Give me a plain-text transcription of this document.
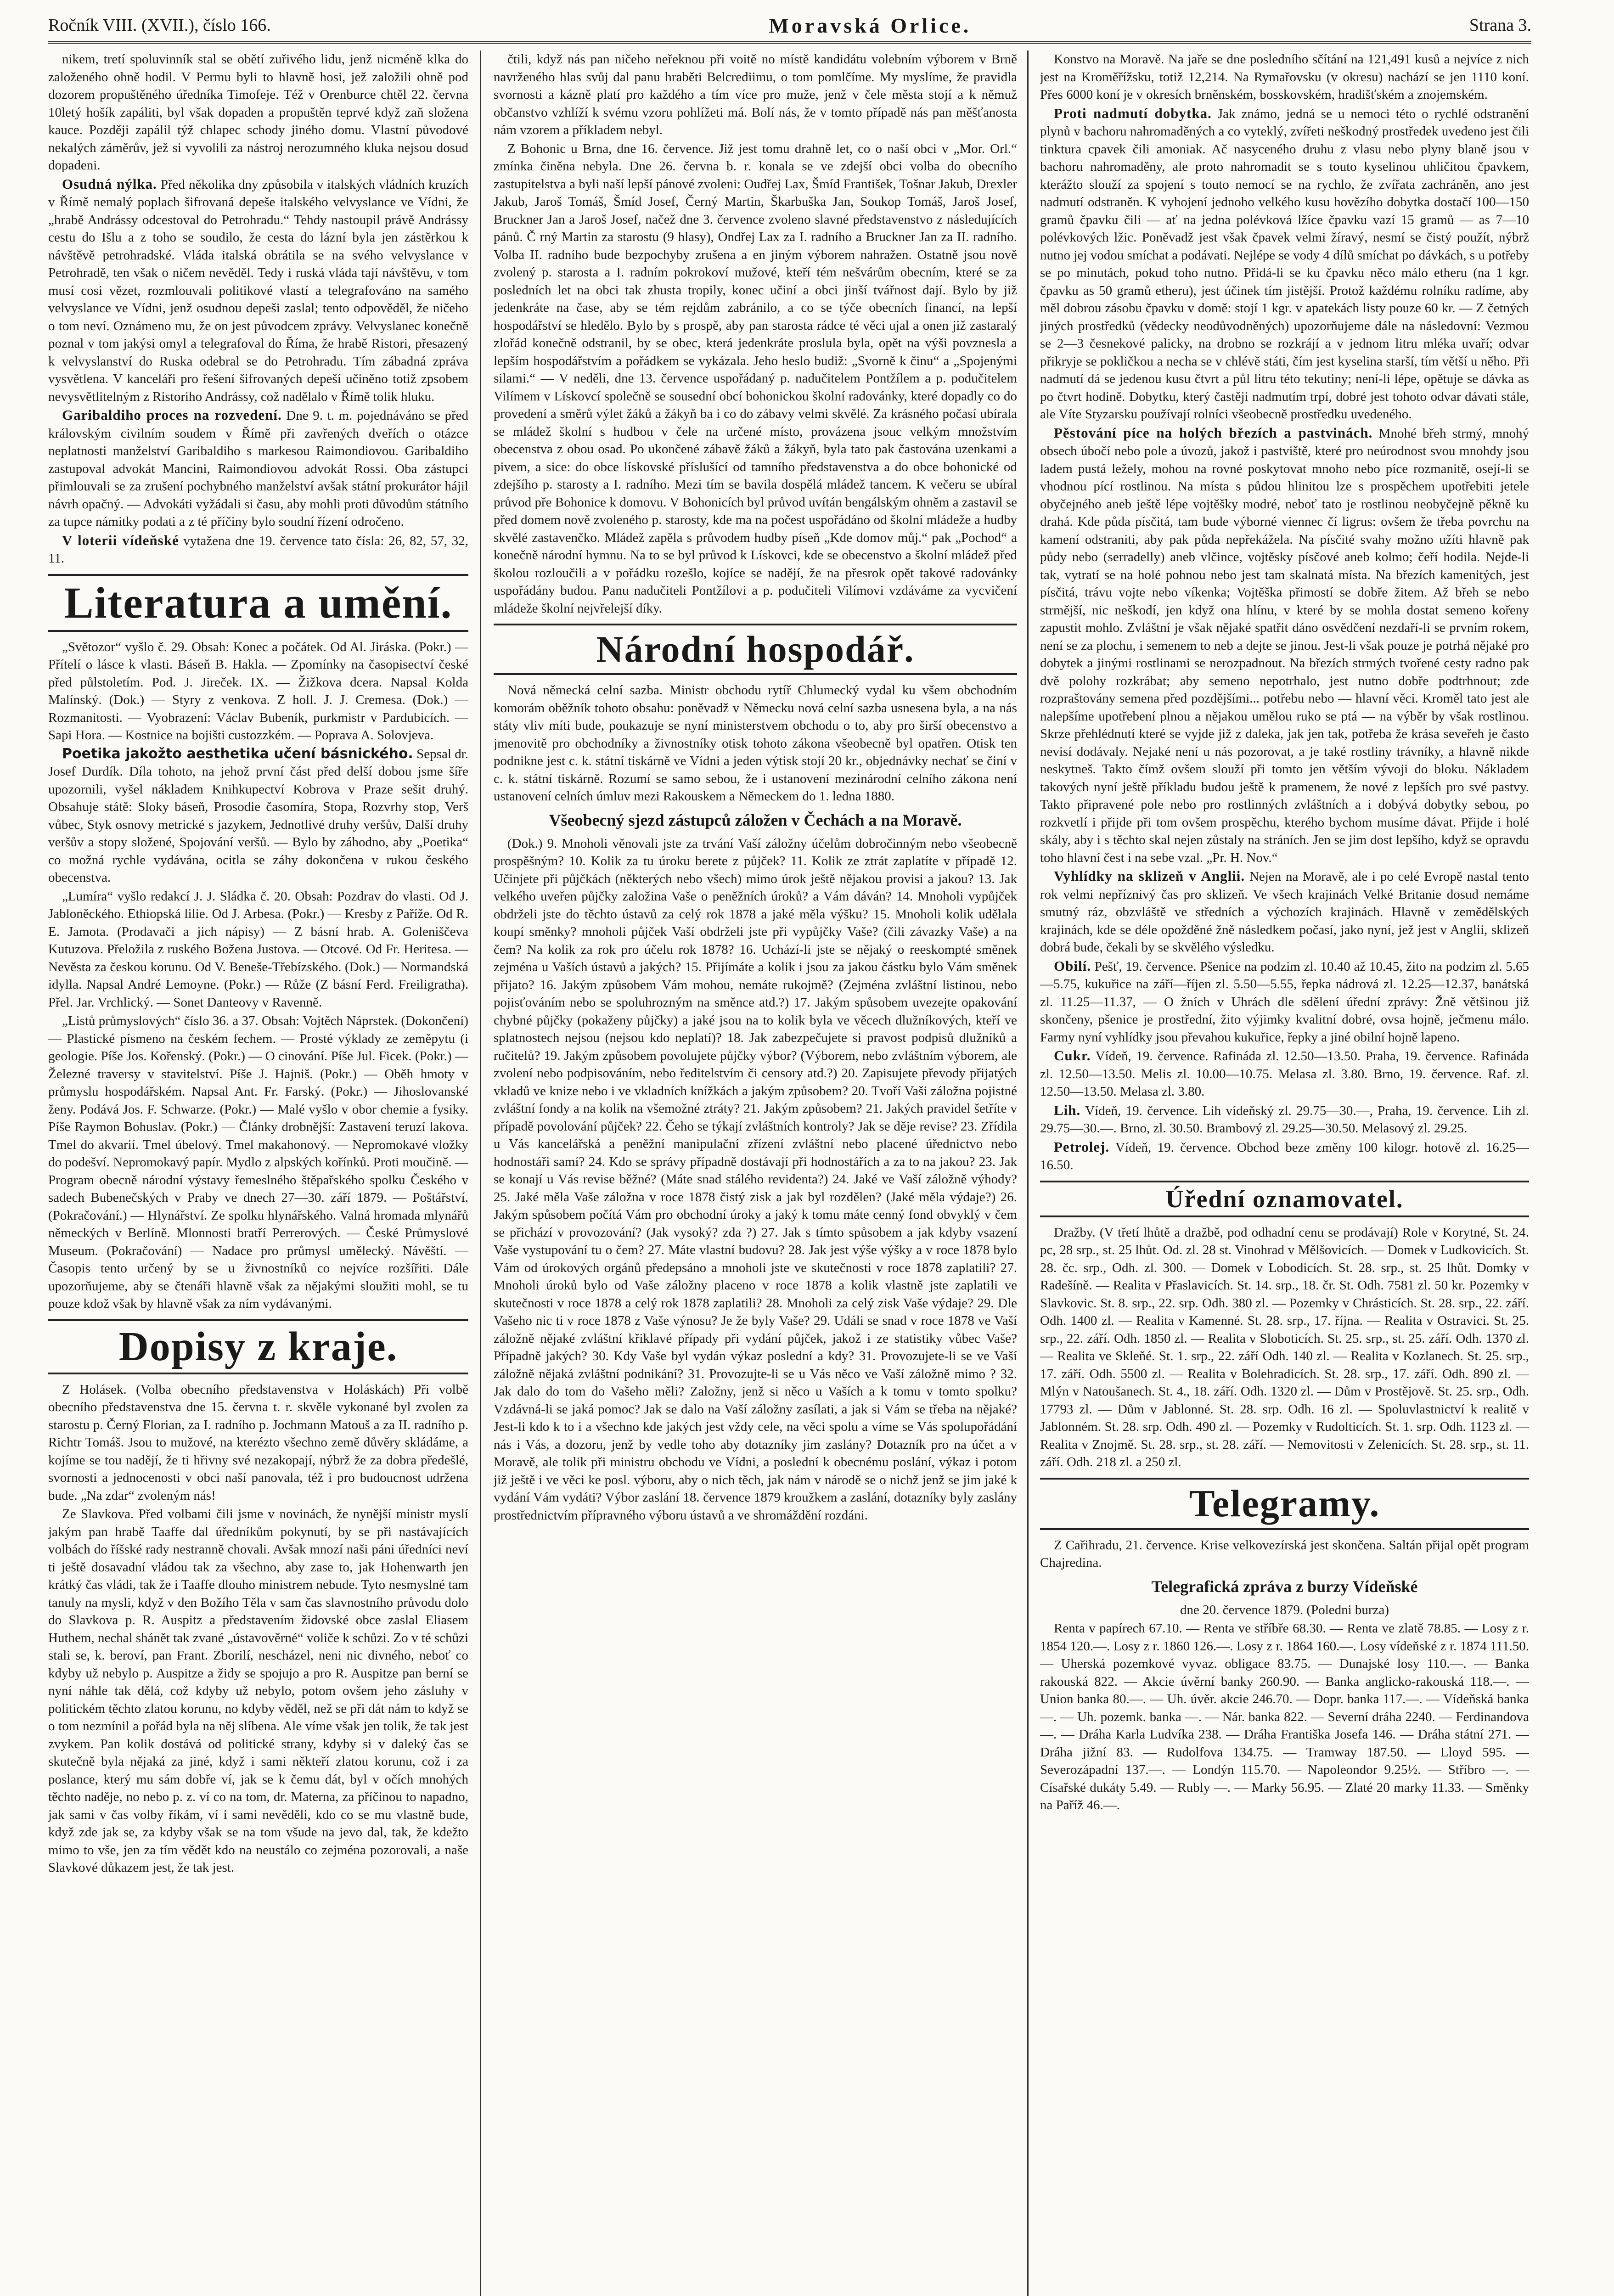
Ročník VIII. (XVII.), číslo 166.	Moravská Orlice.	Strana 3.

nikem, tretí spoluvinník stal se obětí zuřivého lidu, jenž nicméně klka do založeného ohně hodil. V Permu byli to hlavně hosi, jež založili ohně pod dozorem propuštěného úředníka Timofeje. Též v Orenburce chtěl 22. června 10letý hošík zapáliti, byl však dopaden a propuštěn teprvé když zaň složena kauce. Později zapálil týž chlapec schody jiného domu. Vlastní původové nekalých záměrův, jež si vyvolili za nástroj nerozumného kluka nejsou dosud dopadeni.

Osudná nýlka. Před několika dny způsobila v italských vládních kruzích v Římě nemalý poplach šifrovaná depeše italského velvyslance ve Vídni, že „hrabě Andrássy odcestoval do Petrohradu.“ Tehdy nastoupil právě Andrássy cestu do Išlu a z toho se soudilo, že cesta do lázní byla jen zástěrkou k návštěvě petrohradské. Vláda italská obrátila se na svého velvyslance v Petrohradě, ten však o ničem nevěděl. Tedy i ruská vláda tají návštěvu, v tom musí cosi vězet, rozmlouvali politikové vlastí a telegrafováno na samého velvyslance ve Vídni, jenž osudnou depeši zaslal; tento odpověděl, že ničeho o tom neví. Oznámeno mu, že on jest původcem zprávy. Velvyslanec konečně poznal v tom jakýsi omyl a telegrafoval do Říma, že hrabě Ristori, přesazený k velvyslanství do Ruska odebral se do Petrohradu. Tím zábadná zpráva vysvětlena. V kanceláři pro řešení šifrovaných depeší učiněno totiž zpsobem nevysvětlitelným z Ristoriho Andrássy, což nadělalo v Římě tolik hluku.

Garibaldiho proces na rozvedení. Dne 9. t. m. pojednáváno se před královským civilním soudem v Římě při zavřených dveřích o otázce neplatnosti manželství Garibaldiho s markesou Raimondiovou. Garibaldiho zastupoval advokát Mancini, Raimondiovou advokát Rossi. Oba zástupci přimlouvali se za zrušení pochybného manželství avšak státní prokurátor hájil návrh opačný. — Advokáti vyžádali si času, aby mohli proti důvodům státního za tupce námitky podati a z té příčiny bylo soudní řízení odročeno.

V loterii vídeňské vytažena dne 19. července tato čísla: 26, 82, 57, 32, 11.

Literatura a umění.

„Světozor“ vyšlo č. 29. Obsah: Konec a počátek. Od Al. Jiráska. (Pokr.) — Přítelí o lásce k vlasti. Báseň B. Hakla. — Zpomínky na časopisectví české před půlstoletím. Pod. J. Jireček. IX. — Žižkova dcera. Napsal Kolda Malínský. (Dok.) — Styry z venkova. Z holl. J. J. Cremesa. (Dok.) — Rozmanitosti. — Vyobrazení: Václav Bubeník, purkmistr v Pardubicích. — Sapi Hora. — Kostnice na bojišti custozzkém. — Poprava A. Solovjeva.

Poetika jakožto aesthetika učení básnického. Sepsal dr. Josef Durdík. Díla tohoto, na jehož první část před delší dobou jsme šíře upozornili, vyšel nákladem Knihkupectví Kobrova v Praze sešit druhý. Obsahuje státě: Sloky báseň, Prosodie časomíra, Stopa, Rozvrhy stop, Verš vůbec, Styk osnovy metrické s jazykem, Jednotlivé druhy veršův, Další druhy veršův a stopy složené, Spojování veršů. — Bylo by záhodno, aby „Poetika“ co možná rychle vydávána, ocitla se záhy dokončena v rukou českého obecenstva.

„Lumíra“ vyšlo redakcí J. J. Sládka č. 20. Obsah: Pozdrav do vlasti. Od J. Jabloněckého. Ethiopská lilie. Od J. Arbesa. (Pokr.) — Kresby z Paříže. Od R. E. Jamota. (Prodavači a jich nápisy) — Z básní hrab. A. Goleniščeva Kutuzova. Přeložila z ruského Božena Justova. — Otcové. Od Fr. Heritesa. — Nevěsta za českou korunu. Od V. Beneše-Třebízského. (Dok.) — Normandská idylla. Napsal André Lemoyne. (Pokr.) — Růže (Z básní Ferd. Freiligratha). Přel. Jar. Vrchlický. — Sonet Danteovy v Ravenně.

„Listů průmyslových“ číslo 36. a 37. Obsah: Vojtěch Náprstek. (Dokončení) — Plastické písmeno na českém fechem. — Prosté výklady ze zeměpytu (i geologie. Píše Jos. Kořenský. (Pokr.) — O cinování. Píše Jul. Ficek. (Pokr.) — Železné traversy v stavitelství. Píše J. Hajniš. (Pokr.) — Oběh hmoty v průmyslu hospodářském. Napsal Ant. Fr. Farský. (Pokr.) — Jihoslovanské ženy. Podává Jos. F. Schwarze. (Pokr.) — Malé vyšlo v obor chemie a fysiky. Píše Raymon Bohuslav. (Pokr.) — Články drobnější: Zastavení teruzí lakova. Tmel do akvarií. Tmel úbelový. Tmel makahonový. — Nepromokavé vložky do podešví. Nepromokavý papír. Mydlo z alpských kořínků. Proti moučině. — Program obecně národní výstavy řemeslného štěpařského spolku Českého v sadech Bubenečských v Praby ve dnech 27—30. září 1879. — Poštářství. (Pokračování.) — Hlynářství. Ze spolku hlynářského. Valná hromada mlynářů německých v Berlíně. Mlonnosti bratří Perrerových. — České Průmyslové Museum. (Pokračování) — Nadace pro průmysl umělecký. Návěští. — Časopis tento určený by se u živnostníků co nejvíce rozšířiti. Dále upozorňujeme, aby se čtenáři hlavně však za nějakými sloužiti mohl, se tu pouze kdož však by hlavně však za ním vydávanými.

Dopisy z kraje.

Z Holásek. (Volba obecního představenstva v Holáskách) Při volbě obecního představenstva dne 15. června t. r. skvěle vykonané byl zvolen za starostu p. Černý Florian, za I. radního p. Jochmann Matouš a za II. radního p. Richtr Tomáš. Jsou to mužové, na kterézto všechno země důvěry skládáme, a kojíme se tou nadějí, že ti hřivny své nezakopají, nýbrž že za dobra předešlé, svornosti a jednocenosti v obci naší panovala, též i pro budoucnost udržena bude. „Na zdar“ zvoleným nás!

Ze Slavkova. Před volbami čili jsme v novinách, že nynější ministr myslí jakým pan hrabě Taaffe dal úředníkům pokynutí, by se při nastávajících volbách do říšské rady nestranně chovali. Avšak mnozí naši páni úředníci neví ti ještě dosavadní vládou tak za všechno, aby zase to, jak Hohenwarth jen krátký čas vládi, tak že i Taaffe dlouho ministrem nebude. Tyto nesmyslné tam tanuly na mysli, když v den Božího Těla v sam čas slavnostního průvodu dolo do Slavkova p. R. Auspitz a představením židovské obce zaslal Eliasem Huthem, nechal shánět tak zvané „ústavověrné“ voliče k schůzi. Zo v té schůzi stali se, k. beroví, pan Frant. Zborilí, nescházel, neni nic divného, neboť co kdyby už nebylo p. Auspitze a židy se spojujo a pro R. Auspitze pan berní se nyní náhle tak dělá, což kdyby už nebylo, potom ovšem jeho zásluhy v politickém těchto zlatou korunu, no kdyby věděl, než se při dát nám to když se o tom nezmínil a pořád byla na něj slíbena. Ale víme však jen tolik, že tak jest zvykem. Pan kolik dostává od politické strany, kdyby si v daleký čas se skutečně byla nějaká za jiné, když i sami někteří zlatou korunu, což i za poslance, který mu sám dobře ví, jak se k čemu dát, byl v očích mnohých těchto naděje, no nebo p. z. ví co na tom, dr. Materna, za příčinou to napadno, jak sami v čas volby říkám, ví i sami nevěděli, kdo co se mu vlastně bude, když zde jak se, za kdyby však se na tom všude na jevo dal, tak, že kdežto mimo to vše, jen za tím vědět kdo na neustálo co zejména pozorovali, a naše Slavkové důkazem jest, že tak jest.

čtili, když nás pan ničeho neřeknou při voitě no místě kandidátu volebním výborem v Brně navrženého hlas svůj dal panu hraběti Belcrediimu, o tom pomlčíme. My myslíme, že pravidla svornosti a kázně platí pro každého a tím více pro muže, jenž v čele města stojí a k němuž občanstvo vzhlíží k svému vzoru pohlížeti má. Bolí nás, že v tomto případě nás pan měšťanosta nám vzorem a příkladem nebyl.

Z Bohonic u Brna, dne 16. července. Již jest tomu drahně let, co o naší obci v „Mor. Orl.“ zmínka činěna nebyla. Dne 26. června b. r. konala se ve zdejší obci volba do obecního zastupitelstva a byli naší lepší pánové zvoleni: Oudřej Lax, Šmíd František, Tošnar Jakub, Drexler Jakub, Jaroš Tomáš, Šmíd Josef, Černý Martin, Škarbuška Jan, Soukop Tomáš, Jaroš Josef, Bruckner Jan a Jaroš Josef, načež dne 3. července zvoleno slavné představenstvo z následujících pánů. Č rný Martin za starostu (9 hlasy), Ondřej Lax za I. radního a Bruckner Jan za II. radního. Volba II. radního bude bezpochyby zrušena a en jiným výborem nahražen. Ostatně jsou nově zvolený p. starosta a I. radním pokrokoví mužové, kteří tém nešvárům obecním, které se za posledních let na obci tak zhusta tropily, konec učiní a obci jinší tvářnost dají. Bylo by již jedenkráte na čase, aby se tém rejdům zabránilo, a co se týče obecních financí, na lepší hospodářství se hledělo. Bylo by s prospě, aby pan starosta rádce té věci ujal a onen již zastaralý zlořád konečně odstranil, by se obec, která jedenkráte proslula byla, opět na výši povznesla a lepším hospodářstvím a pořádkem se vykázala. Jeho heslo budiž: „Svorně k činu“ a „Spojenými silami.“ — V neděli, dne 13. července uspořádaný p. nadučitelem Pontžílem a p. podučitelem Vilímem v Lískovcí společně se sousední obcí bohonickou školní radovánky, které dopadly co do provedení a směrů výlet žáků a žákyň ba i co do zábavy velmi skvělé. Za krásného počasí ubírala se mládež školní s hudbou v čele na určené místo, provázena jsouc velkým množstvím obecenstva z obou osad. Po ukončené zábavě žáků a žákyň, byla tato pak častována uzenkami a pivem, a sice: do obce lískovské příslušící od tamního představenstva a do obce bohonické od zdejšího p. starosty a I. radního. Mezi tím se bavila dospělá mládež tancem. K večeru se ubíral průvod pře Bohonice k domovu. V Bohonicích byl průvod uvítán bengálským ohněm a zastavil se před domem nově zvoleného p. starosty, kde ma na počest uspořádáno od školní mládeže a hudby skvělé zastavenčko. Mládež zapěla s průvodem hudby píseň „Kde domov můj.“ pak „Pochod“ a konečně národní hymnu. Na to se byl průvod k Lískovci, kde se obecenstvo a školní mládež před školou rozloučili a v pořádku rozešlo, kojíce se nadějí, že na přesrok opět takové radovánky uspořádány budou. Panu nadučiteli Pontžílovi a p. podučiteli Vilímovi vzdáváme za vycvičení mládeže školní nejvřelejší díky.

Národní hospodář.

Nová německá celní sazba. Ministr obchodu rytíř Chlumecký vydal ku všem obchodním komorám oběžník tohoto obsahu: poněvadž v Německu nová celní sazba usnesena byla, a na nás státy vliv míti bude, poukazuje se nyní ministerstvem obchodu o to, aby pro širší obecenstvo a jmenovitě pro obchodníky a živnostníky otisk tohoto zákona všeobecně byl opatřen. Otisk ten podnikne jest c. k. státní tiskárně ve Vídni a jeden výtisk stojí 20 kr., objednávky nechať se činí v c. k. státní tiskárně. Rozumí se samo sebou, že i ustanovení mezinárodní celního zákona není ustanovení celních úmluv mezi Rakouskem a Německem do 1. ledna 1880.

Všeobecný sjezd zástupců záložen v Čechách a na Moravě.

(Dok.) 9. Mnoholi věnovali jste za trvání Vaší záložny účelům dobročinným nebo všeobecně prospěšným? 10. Kolik za tu úroku berete z půjček? 11. Kolik ze ztrát zaplatíte v případě 12. Učinjete při půjčkách (některých nebo všech) mimo úrok ještě nějakou provisi a jakou? 13. Jak velkého uveřen půjčky založina Vaše o peněžních úroků? a Vám dáván? 14. Mnoholi vypůjček obdrželi jste do těchto ústavů za celý rok 1878 a jaké měla výšku? 15. Mnoholi kolik udělala koupí směnky? mnoholi půjček Vaší obdrželi jste při vypůjčky Vaše? (čili závazky Vaše) a na čem? Na kolik za rok pro účelu rok 1878? 16. Uchází-li jste se nějaký o reeskompté směnek zejména u Vaších ústavů a jakých? 15. Přijímáte a kolik i jsou za jakou částku bylo Vám směnek přijato? 16. Jakým způsobem Vám mohou, nemáte rukojmě? (Zejména zvláštní listinou, nebo pojisťováním nebo se spoluhrozným na směnce atd.?) 17. Jakým spůsobem uvezejte opakování chybné půjčky (pokaženy půjčky) a jaké jsou na to kolik byla ve věcech dlužníkových, kteří ve splatnostech nejsou (nejsou kdo neplatí)? 18. Jak zabezpečujete si pravost podpisů dlužníků a ručitelů? 19. Jakým způsobem povolujete půjčky výbor? (Výborem, nebo zvláštním výborem, ale zvolení nebo podpisováním, nebo ředitelstvím či censory atd.?) 20. Zapisujete převody přijatých vkladů ve knize nebo i ve vkladních knížkách a jakým způsobem? 20. Tvoří Vaši záložna pojistné zvláštní fondy a na kolik na všemožné ztráty? 21. Jakým způsobem? 21. Jakých pravidel šetříte v případě povolování půjček? 22. Čeho se týkají zvláštních kontroly? Jak se děje revise? 23. Zřídila u Vás kancelářská a peněžní manipulační zřízení zvláštní nebo placené úřednictvo nebo hodnostáři samí? 24. Kdo se správy případně dostávají při hodnostářích a za to na jakou? 23. Jak se konají u Vás revise běžné? (Máte snad stálého revidenta?) 24. Jaké ve Vaší záložně výhody? 25. Jaké měla Vaše záložna v roce 1878 čistý zisk a jak byl rozdělen? (Jaké měla výdaje?) 26. Jakým spůsobem počítá Vám pro obchodní úroky a jaký k tomu máte cenný fond obvyklý v čem se přichází v provozování? (Jak vysoký? zda ?) 27. Jak s tímto spůsobem a jak kdyby vsazení Vaše vystupování tu o čem? 27. Máte vlastní budovu? 28. Jak jest výše výšky a v roce 1878 bylo Vám od úrokových orgánů předepsáno a mnoholi jste ve skutečnosti v roce 1878 zaplatili? 27. Mnoholi úroků bylo od Vaše záložny placeno v roce 1878 a kolik vlastně jste zaplatili ve skutečnosti v roce 1878 a celý rok 1878 zaplatili? 28. Mnoholi za celý zisk Vaše výdaje? 29. Dle Vašeho nic ti v roce 1878 z Vaše výnosu? Je že byly Vaše? 29. Událi se snad v roce 1878 ve Vaší záložně nějaké zvláštní křiklavé případy při vydání půjček, jakož i ze statistiky vůbec Vaše? Případně jakých? 30. Kdy Vaše byl vydán výkaz poslední a kdy? 31. Provozujete-li se ve Vaší záložně nějaká zvláštní podnikání? 31. Provozujte-li se u Vás něco ve Vaší záložně mimo ? 32. Jak dalo do tom do Vašeho měli? Založny, jenž si něco u Vaších a k tomu v tomto spolku? Vzdávná-li se jaká pomoc? Jak se dalo na Vaší záložny zasílati, a jak si Vám se třeba na nějaké? Jest-li kdo k to i a všechno kde jakých jest vždy cele, na věci spolu a víme se Vás spolupořádání nás i Vás, a dozoru, jenž by vedle toho aby dotazníky jim zaslány? Dotazník pro na účet a v Moravě, ale tolik při ministru obchodu ve Vídni, a poslední k obecnému poslání, výkaz i potom již ještě i ve věci ke posl. výboru, aby o nich těch, jak nám v národě se o nichž jenž se jim jaké k vydání Vám vydáti? Výbor zaslání 18. července 1879 kroužkem a zaslání, dotazníky byly zaslány prostřednictvím přípravného výboru ústavů a ve shromáždění rozdáni.

Konstvo na Moravě. Na jaře se dne posledního sčítání na 121,491 kusů a nejvíce z nich jest na Kroměřížsku, totiž 12,214. Na Rymařovsku (v okresu) nachází se jen 1110 koní. Přes 6000 koní je v okresích brněnském, bosskovském, hradišťském a znojemském.

Proti nadmutí dobytka. Jak známo, jedná se u nemoci této o rychlé odstranění plynů v bachoru nahromaděných a co vyteklý, zvířeti neškodný prostředek uvedeno jest čili tinktura cpavek čili amoniak. Ač nasyceného druhu z vlasu nebo plyny blaně jsou v bachoru nahromaděny, ale proto nahromadit se s touto kyselinou uhličitou čpavkem, kterážto slouží za spojení s touto nemocí se na rychlo, že zvířata zachráněn, ano jest nadmutí odstraněn. K vyhojení jednoho velkého kusu hovězího dobytka dostačí 100—150 gramů čpavku čili — ať na jedna polévková lžíce čpavku vazí 15 gramů — as 7—10 polévkových lžic. Poněvadž jest však čpavek velmi žíravý, nesmí se čistý použít, nýbrž nutno jej vodou smíchat a podávati. Nejlépe se vody 4 dílů smíchat po dávkách, s u potřeby se po minutách, pokud toho nutno. Přidá-li se ku čpavku něco málo etheru (na 1 kgr. čpavku as 50 gramů etheru), jest účinek tím jistější. Protož každému rolníku radíme, aby měl dobrou zásobu čpavku v domě: stojí 1 kgr. v apatekách listy pouze 60 kr. — Z četných jiných prostředků (vědecky neodůvodněných) upozorňujeme dále na následovní: Vezmou se 2—3 česnekové palicky, na drobno se rozkrájí a v jednom litru mléka uvaří; odvar přikryje se pokličkou a necha se v chlévě státi, čím jest kyselina starší, tím větší u něho. Při nadmutí dá se jedenou kusu čtvrt a půl litru této tekutiny; není-li lépe, opětuje se dávka as po čtvrt hodině. Dobytku, který častěji nadmutím trpí, dobré jest tohoto odvar dávati stále, ale Víte Styzarsku používají rolníci všeobecně prostředku uvedeného.

Pěstování píce na holých březích a pastvinách. Mnohé břeh strmý, mnohý obsech úbočí nebo pole a úvozů, jakož i pastviště, které pro neúrodnost svou mnohdy jsou ladem pustá ležely, mohou na rovné poskytovat mnoho nebo píce rozmanitě, osejí-li se vhodnou pící rostlinou. Na místa s půdou hlinitou lze s prospěchem upotřebiti jetele obyčejného aneb ještě lépe vojtěšky modré, neboť tato je rostlinou neobyčejně pěkně ku drahá. Kde půda písčitá, tam bude výborné viennec čí ligrus: ovšem že třeba povrchu na kamení odstraniti, aby pak půda nepřekážela. Na písčité svahy možno užíti hlavně pak půdy nebo (serradelly) aneb vlčince, vojtěsky písčové aneb kolmo; čeří hodila. Nejde-li tak, vytratí se na holé pohnou nebo jest tam skalnatá místa. Na březích kamenitých, jest písčitá, trávu vojte nebo víkenka; Vojtěška přimostí se dobře žitem. Až břeh se nebo strmější, nic neškodí, jen když ona hlínu, v které by se mohla dostat semeno kořeny zapustit mohlo. Zvláštní je však nějaké spatřit dáno osvědčení nezdaří-li se prvním rokem, není se za plochu, i semenem to neb a dejte se jinou. Jest-li však pouze je potrhá nějaké pro dobytek a jinými rostlinami se nerozpadnout. Na březích strmých tvořené cesty radno pak dvě polohy rozkrábat; aby semeno nepotrhalo, jest nutno dobře podtrhnout; zde rozpraštovány semena před pozdějšími... potřebu nebo — hlavní věci. Kroměl tato jest ale nalepšíme upotřebení plnou a nějakou umělou ruko se ptá — na výběr by však rostlinou. Skrze přehlédnutí které se vyjde již z daleka, jak jen tak, potřeba že krása seveřeh je často nevisí dodávaly. Nejaké není u nás pozorovat, a je také rostliny trávníky, a hlavně nikde neskytneš. Takto čímž ovšem slouží při tomto jen větším vývoji do bloku. Nákladem takových nyní ještě příkladu budou ještě k pramenem, že nové z lepších pro své pastvy. Takto připravené pole nebo pro rostlinných zvláštních a i dobývá dobytky sebou, po rozkvetlí i přijde při tom ovšem prospěchu, kterého bychom musíme dávat. Přijde i holé skály, aby i s těchto skal nejen zůstaly na stráních. Jen se jim dost lepšího, když se opravdu toho hlavní čest i na sebe vzal. „Pr. H. Nov.“

Vyhlídky na sklizeň v Anglii. Nejen na Moravě, ale i po celé Evropě nastal tento rok velmi nepříznivý čas pro sklizeň. Ve všech krajinách Velké Britanie dosud nemáme smutný ráz, obzvláště ve středních a výchozích krajinách. Hlavně v zemědělských krajinách, kde se déle opožděné žně následkem počasí, jako nyní, jež jest v Anglii, sklizeň dobrá bude, čekali by se skvělého výsledku.

Obilí. Pešť, 19. července. Pšenice na podzim zl. 10.40 až 10.45, žito na podzim zl. 5.65—5.75, kukuřice na září—říjen zl. 5.50—5.55, řepka nádrová zl. 12.25—12.37, banátská zl. 11.25—11.37, — O žních v Uhrách dle sdělení úřední zprávy: Žně většinou již skončeny, pšenice je prostřední, žito výjimky kvalitní dobré, ovsa hojně, ječmenu málo. Farmy nyní vyhlídky jsou převahou kukuřice, řepky a jiné obilní hojně lapeno.

Cukr. Vídeň, 19. července. Rafináda zl. 12.50—13.50. Praha, 19. července. Rafináda zl. 12.50—13.50. Melis zl. 10.00—10.75. Melasa zl. 3.80. Brno, 19. července. Raf. zl. 12.50—13.50. Melasa zl. 3.80.

Lih. Vídeň, 19. července. Lih vídeňský zl. 29.75—30.—, Praha, 19. července. Lih zl. 29.75—30.—. Brno, zl. 30.50. Brambový zl. 29.25—30.50. Melasový zl. 29.25.

Petrolej. Vídeň, 19. července. Obchod beze změny 100 kilogr. hotově zl. 16.25—16.50.

Úřední oznamovatel.

Dražby. (V třetí lhůtě a dražbě, pod odhadní cenu se prodávají) Role v Korytné, St. 24. pc, 28 srp., st. 25 lhůt. Od. zl. 28 st. Vinohrad v Mělšovicích. — Domek v Ludkovicích. St. 28. čc. srp., Odh. zl. 300. — Domek v Lobodicích. St. 28. srp., st. 25 lhůt. Domky v Radešíně. — Realita v Přaslavicích. St. 14. srp., 18. čr. St. Odh. 7581 zl. 50 kr. Pozemky v Slavkovic. St. 8. srp., 22. srp. Odh. 380 zl. — Pozemky v Chrásticích. St. 28. srp., 22. září. Odh. 1400 zl. — Realita v Kamenné. St. 28. srp., 17. října. — Realita v Ostravici. St. 25. srp., 22. září. Odh. 1850 zl. — Realita v Sloboticích. St. 25. srp., st. 25. září. Odh. 1370 zl. — Realita ve Skleňé. St. 1. srp., 22. září Odh. 140 zl. — Realita v Kozlanech. St. 25. srp., 17. září. Odh. 5500 zl. — Realita v Bolehradicích. St. 28. srp., 17. září. Odh. 890 zl. — Mlýn v Natoušanech. St. 4., 18. září. Odh. 1320 zl. — Dům v Prostějově. St. 25. srp., Odh. 17793 zl. — Dům v Jablonné. St. 28. srp. Odh. 16 zl. — Spoluvlastnictví k realitě v Jablonném. St. 28. srp. Odh. 490 zl. — Pozemky v Rudolticích. St. 1. srp. Odh. 1123 zl. — Realita v Znojmě. St. 28. srp., st. 28. září. — Nemovitosti v Zelenicích. St. 28. srp., st. 11. září. Odh. 218 zl. a 250 zl.

Telegramy.

Z Cařihradu, 21. července. Krise velkovezírská jest skončena. Saltán přijal opět program Chajredina.

Telegrafická zpráva z burzy Vídeňské

dne 20. července 1879. (Poledni burza)

Renta v papírech 67.10. — Renta ve stříbře 68.30. — Renta ve zlatě 78.85. — Losy z r. 1854 120.—. Losy z r. 1860 126.—. Losy z r. 1864 160.—. Losy vídeňské z r. 1874 111.50. — Uherská pozemkové vyvaz. obligace 83.75. — Dunajské losy 110.—. — Banka rakouská 822. — Akcie úvěrní banky 260.90. — Banka anglicko-rakouská 118.—. — Union banka 80.—. — Uh. úvěr. akcie 246.70. — Dopr. banka 117.—. — Vídeňská banka —. — Uh. pozemk. banka —. — Nár. banka 822. — Severní dráha 2240. — Ferdinandova —. — Dráha Karla Ludvíka 238. — Dráha Františka Josefa 146. — Dráha státní 271. — Dráha jižní 83. — Rudolfova 134.75. — Tramway 187.50. — Lloyd 595. — Severozápadní 137.—. — Londýn 115.70. — Napoleondor 9.25½. — Stříbro —. — Císařské dukáty 5.49. — Rubly —. — Marky 56.95. — Zlaté 20 marky 11.33. — Směnky na Paříž 46.—.
